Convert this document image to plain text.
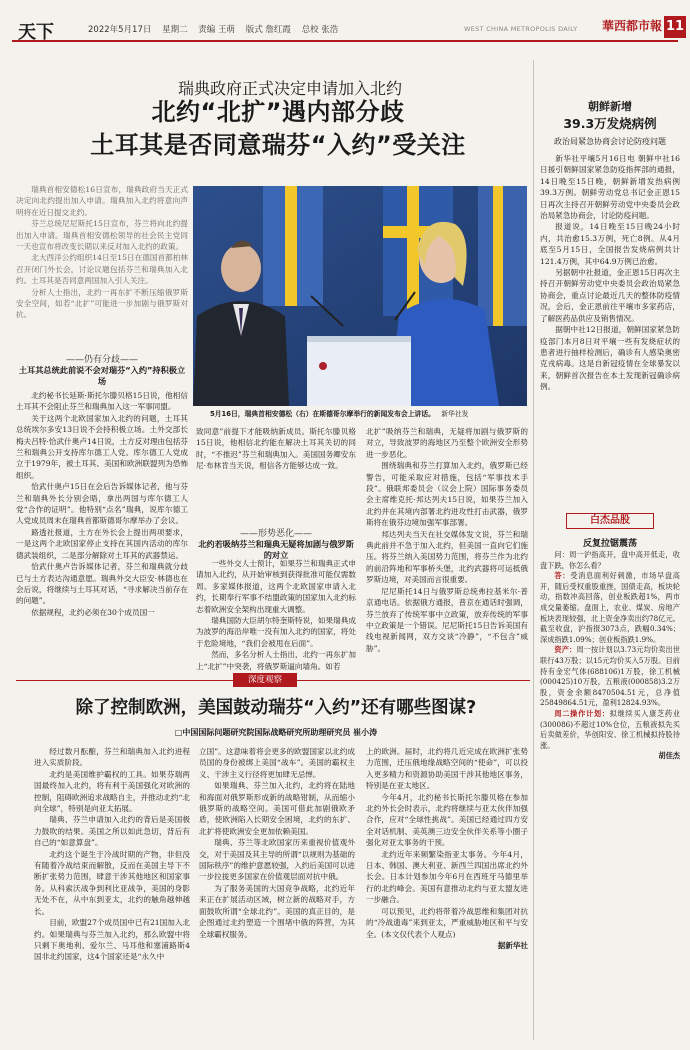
天下	2022年5月17日 星期二 责编 王萌 版式 詹红霞 总校 张浩	WEST CHINA METROPOLIS DAILY 華西都市報 11
瑞典政府正式决定申请加入北约
北约“北扩”遇内部分歧
土耳其是否同意瑞芬“入约”受关注

瑞典首相安德松16日宣布，瑞典政府当天正式决定向北约提出加入申请。瑞典加入北约将意向声明将在近日提交北约。

芬兰总统尼尼斯托15日宣布，芬兰将向北约提出加入申请。瑞典首相安德松领导的社会民主党同一天也宣布将改变长期以来反对加入北约的政策。

北大西洋公约组织14日至15日在德国首都柏林召开闭门外长会，讨论议题包括芬兰和瑞典加入北约。土耳其是否同意两国加入引人关注。

分析人士指出，北约一再东扩不断压缩俄罗斯安全空间，如若“北扩”可能进一步加剧与俄罗斯对抗。

——仍有分歧——
土耳其总统此前说不会对瑞芬“入约”持积极立场

北约秘书长延斯·斯托尔滕贝格15日说，他相信土耳其不会阻止芬兰和瑞典加入这一军事同盟。

关于这两个北欧国家加入北约的问题，土耳其总统埃尔多安13日说不会持积极立场。土外交部长梅夫吕特·恰武什奥卢14日说，土方反对理由包括芬兰和瑞典公开支持库尔德工人党。库尔德工人党成立于1979年，被土耳其、美国和欧洲联盟列为恐怖组织。

恰武什奥卢15日在会后告诉媒体记者，他与芬兰和瑞典外长分别会晤，拿出两国与库尔德工人党“合作的证明”。他特别“点名”瑞典，说库尔德工人党成员周末在瑞典首都斯德哥尔摩举办了会议。

路透社报道，土方在外长会上提出两项要求，一是这两个北欧国家停止支持在其国内活动的库尔德武装组织，二是部分解除对土耳其的武器禁运。

恰武什奥卢告诉媒体记者，芬兰和瑞典就分歧已与土方表达沟通意愿。瑞典外交大臣安·林德也在会后说，将继续与土耳其对话，“寻求解决当前存在的问题”。

依据规程，北约必须在30个成员国一

5月16日，瑞典首相安德松（右）在斯德哥尔摩举行的新闻发布会上讲话。 新华社发

致同意”前提下才能吸纳新成员。斯托尔滕贝格15日说，他相信北约能在解决土耳其关切的同时，“不推迟”芬兰和瑞典加入。美国国务卿安东尼·布林肯当天说，相信各方能够达成一致。

——形势恶化——
北约若吸纳芬兰和瑞典无疑将加剧与俄罗斯的对立

一些外交人士预计，如果芬兰和瑞典正式申请加入北约，从开始审核到获得批准可能仅需数周。多家媒体报道，这两个北欧国家申请入北约，长期奉行军事不结盟政策的国家加入北约标志着欧洲安全架构出现重大调整。

瑞典国防大臣胡尔特奎斯特说，如果瑞典成为波罗的海沿岸唯一没有加入北约的国家，将处于危险境地，“我们会被甩在后面”。

然而，多名分析人士指出，北约一再东扩加上“北扩”中突袭，将俄罗斯逼向墙角。如若

北扩”吸纳芬兰和瑞典，无疑将加剧与俄罗斯的对立，导致波罗的海地区乃至整个欧洲安全形势进一步恶化。

围绕瑞典和芬兰打算加入北约，俄罗斯已经警告，可能采取应对措施，包括“军事技术手段”。俄联邦委员会（议会上院）国际事务委员会主席维克托·邦达列夫15日说，如果芬兰加入北约并在其境内部署北约进攻性打击武器，俄罗斯将在俄芬边境加强军事部署。

邦达列夫当天在社交媒体发文说，芬兰和瑞典此前并不急于加入北约，但美国一直向它们施压。将芬兰纳入美国势力范围，将芬兰作为北约的前沿阵地和军事桥头堡，北约武器将可运抵俄罗斯边境，对美国而言很重要。

尼尼斯托14日与俄罗斯总统弗拉基米尔·普京通电话。依据俄方通报，普京在通话时强调，芬兰放弃了传统军事中立政策，放弃传统的军事中立政策是一个错误。尼尼斯托15日告诉美国有线电视新闻网，双方交谈“冷静”，“不包含”威胁”。

朝鲜新增
39.3万发烧病例
政治局紧急协商会讨论防疫问题

新华社平壤5月16日电 朝鲜中社16日援引朝鲜国家紧急防疫指挥部的通报，14日晚至15日晚，朝鲜新增发热病例39.3万例。朝鲜劳动党总书记金正恩15日再次主持召开朝鲜劳动党中央委员会政治局紧急协商会，讨论防疫问题。

报道说，14日晚至15日晚24小时内，共治愈15.3万例，死亡8例。从4月底至5月15日，全国报告发烧病例共计121.4万例，其中64.9万例已治愈。

另据朝中社报道，金正恩15日再次主持召开朝鲜劳动党中央委员会政治局紧急协商会，重点讨论最近几天的整体防疫情况，会后，金正恩前往平壤市多家药店，了解医药品供应及销售情况。

据朝中社12日报道，朝鲜国家紧急防疫部门本月8日对平壤一些有发烧症状的患者进行抽样检测后，确诊有人感染奥密克戎病毒。这是自新冠疫情在全球暴发以来，朝鲜首次报告在本土发现新冠确诊病例。

白杰品股
反复拉锯震荡

问：周一沪指高开，盘中高开低走，收盘下跌，你怎么看？

答：受消息面利好刺激，市场早盘高开，随后受权重股重挫，国债走高，板块轮动，指数冲高回落，创业板跌超1%，两市成交量萎缩。盘面上，农业、煤炭、房地产板块表现较强，北上资金净卖出约78亿元。截至收盘，沪指报3073点，跌幅0.34%；深成指跌1.09%；创业板指跌1.9%。

资产：周一按计划以3.73元均价卖出世联行43万股；以15元均价买入5万股。目前持有金宏气体(688106)1万股，徐工机械(000425)10万股，五粮液(000858)3.2万股，资金余额8470504.51元，总净值25849864.51元，盈利12824.93%。

周二操作计划：拟继续买入康芝药业(300086)不超过10%仓位，五粮液拟先买后卖做差价，华创阳安、徐工机械拟持股待涨。

胡佳杰

深度观察
除了控制欧洲，美国鼓动瑞芬“入约”还有哪些图谋?
□中国国际问题研究院国际战略研究所助理研究员 崔小涛

经过数月酝酿，芬兰和瑞典加入北约进程进入实质阶段。

北约是美国维护霸权的工具。如果芬瑞两国最终加入北约，将有利于美国强化对欧洲的控制，阻碍欧洲追求战略自主，并推动北约“北向全球”，特别是向亚太拓展。

瑞典、芬兰申请加入北约的背后是美国极力鼓吹的结果。美国之所以如此急切，背后有自己的“如意算盘”。

北约这个诞生于冷战时期的产物，非但没有随着冷战结束而解散，反而在美国主导下不断扩张势力范围，肆意干涉其他地区和国家事务。从科索沃战争到利比亚战争，美国的身影无处不在，从中东到亚太，北约的触角越伸越长。

目前，欧盟27个成员国中已有21国加入北约。如果瑞典与芬兰加入北约，那么欧盟中将只剩下奥地利、爱尔兰、马耳他和塞浦路斯4国非北约国家，这4个国家还是“永久中

立国”。这意味着将会更多的欧盟国家以北约成员国的身份被绑上美国“战车”。美国的霸权主义、干涉主义行径将更加肆无忌惮。

如果瑞典、芬兰加入北约，北约将在陆地和海面对俄罗斯形成新的战略钳制，从而缩小俄罗斯的战略空间。美国可借此加剧俄欧矛盾，使欧洲陷入长期安全困境，北约的东扩、北扩将使欧洲安全更加依赖美国。

瑞典、芬兰等北欧国家历来重视价值观外交，对于美国及其主导的所谓“以规则为基础的国际秩序”的维护意愿较强，入约后美国可以进一步拉拢更多国家在价值观层面对抗中俄。

为了服务美国的大国竞争战略，北约近年来正在扩展活动区域，树立新的战略对手，方面鼓吹所谓“全球北约”。美国的真正目的，是企图通过北约塑造一个围堵中俄的阵营，为其全球霸权服务。

上的欧洲。届时，北约将几近完成在欧洲扩张势力范围，迁压俄地缘战略空间的“使命”，可以投入更多精力和资源协助美国干涉其他地区事务，特别是在亚太地区。

今年4月，北约秘书长斯托尔滕贝格在参加北约外长会时表示，北约将继续与亚太伙伴加强合作，应对“全球性挑战”。美国已经通过四方安全对话机制、美英澳三边安全伙伴关系等小圈子强化对亚太事务的干预。

北约近年来频繁染指亚太事务。今年4月，日本、韩国、澳大利亚、新西兰四国出席北约外长会。日本计划参加今年6月在西班牙马德里举行的北约峰会。美国有意推动北约与亚太盟友进一步融合。

可以预见，北约将带着冷战思维和集团对抗的“冷战遗毒”来到亚太，严重威胁地区和平与安全。(本文仅代表个人观点)

据新华社
